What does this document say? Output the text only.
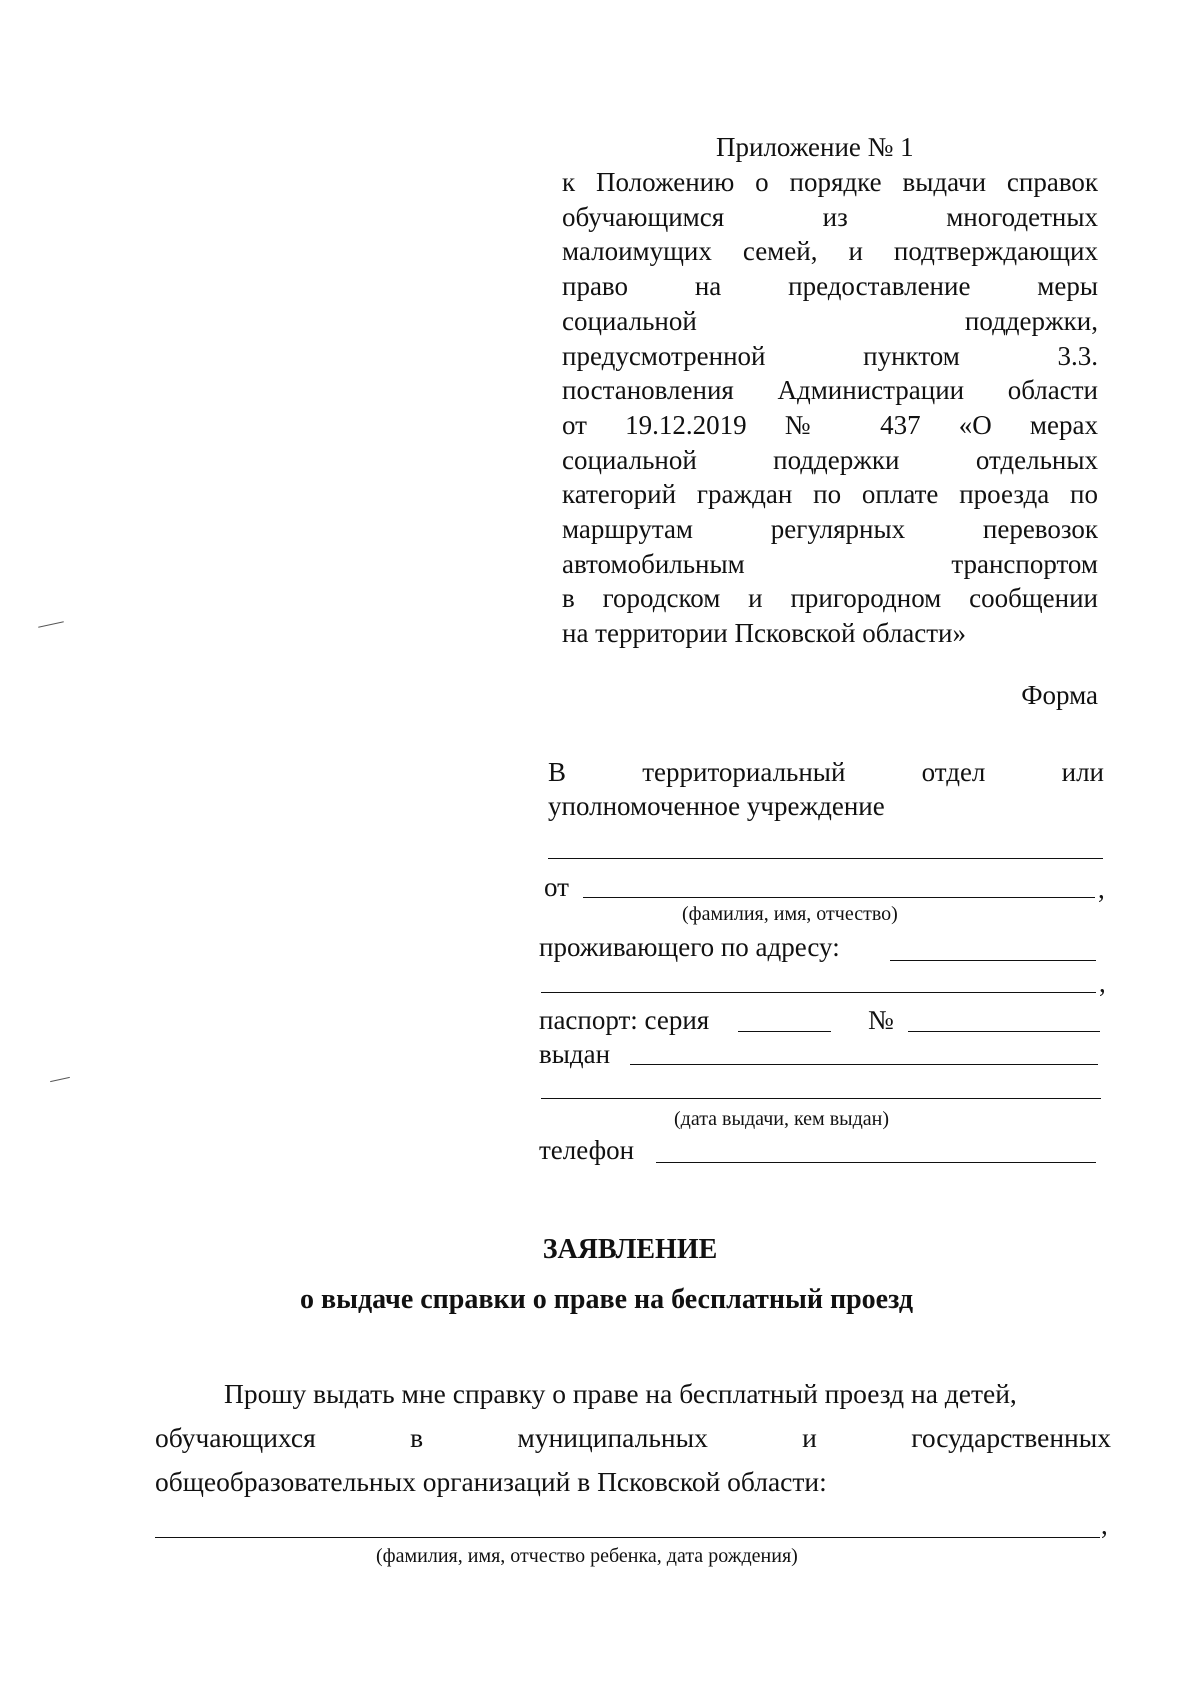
Приложение № 1
к Положению о порядке выдачи справок
обучающимся из многодетных
малоимущих семей, и подтверждающих
право на предоставление меры
социальной поддержки,
предусмотренной пунктом 3.3.
постановления Администрации области
от 19.12.2019 № 437 «О мерах
социальной поддержки отдельных
категорий граждан по оплате проезда по
маршрутам регулярных перевозок
автомобильным транспортом
в городском и пригородном сообщении
на территории Псковской области»
Форма
В территориальный отдел или
уполномоченное учреждение
от	,
(фамилия, имя, отчество)
проживающего по адресу:
,
паспорт: серия	№
выдан
(дата выдачи, кем выдан)
телефон
ЗАЯВЛЕНИЕ
о выдаче справки о праве на бесплатный проезд
Прошу выдать мне справку о праве на бесплатный проезд на детей,
обучающихся в муниципальных и государственных
общеобразовательных организаций в Псковской области:
,
(фамилия, имя, отчество ребенка, дата рождения)
